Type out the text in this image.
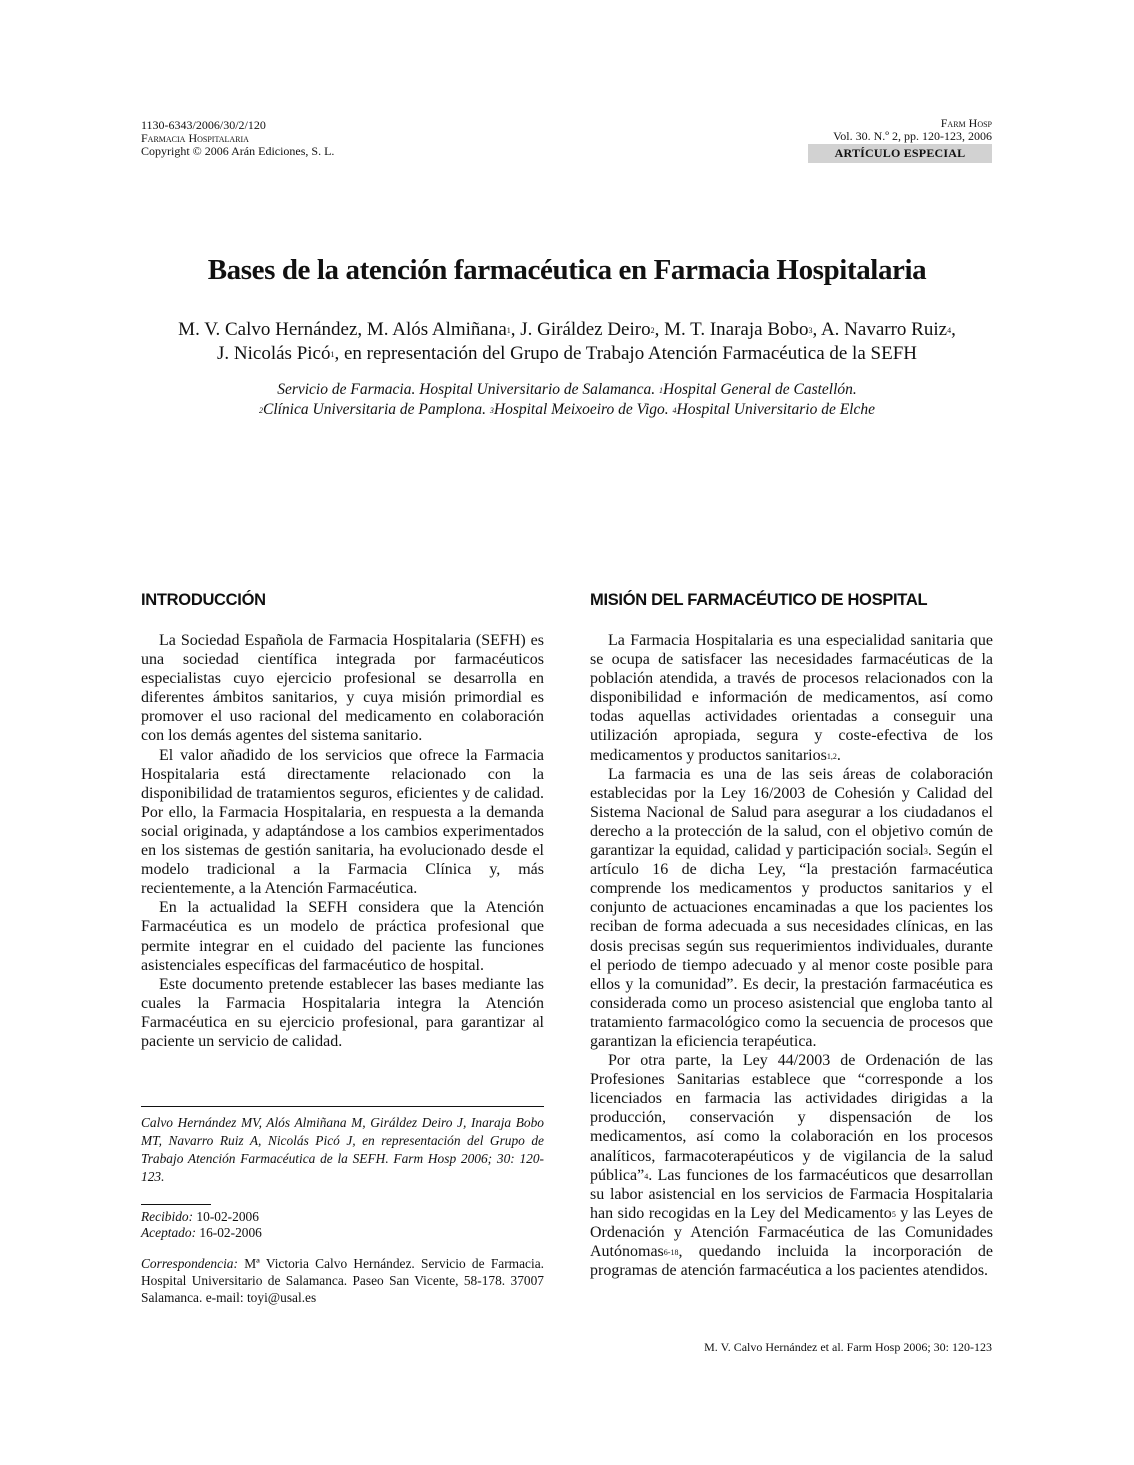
1130-6343/2006/30/2/120
Farmacia Hospitalaria
Copyright © 2006 Arán Ediciones, S. L.
Farm Hosp
Vol. 30. N.º 2, pp. 120-123, 2006
ARTÍCULO ESPECIAL
Bases de la atención farmacéutica en Farmacia Hospitalaria
M. V. Calvo Hernández, M. Alós Almiñana$^1$, J. Giráldez Deiro$^2$, M. T. Inaraja Bobo$^3$, A. Navarro Ruiz$^4$,
J. Nicolás Picó$^1$, en representación del Grupo de Trabajo Atención Farmacéutica de la SEFH
Servicio de Farmacia. Hospital Universitario de Salamanca. $^1$Hospital General de Castellón.
$^2$Clínica Universitaria de Pamplona. $^3$Hospital Meixoeiro de Vigo. $^4$Hospital Universitario de Elche
INTRODUCCIÓN

La Sociedad Española de Farmacia Hospitalaria (SEFH) es una sociedad científica integrada por farmacéuticos especialistas cuyo ejercicio profesional se desarrolla en diferentes ámbitos sanitarios, y cuya misión primordial es promover el uso racional del medicamento en colaboración con los demás agentes del sistema sanitario.

El valor añadido de los servicios que ofrece la Farmacia Hospitalaria está directamente relacionado con la disponibilidad de tratamientos seguros, eficientes y de calidad. Por ello, la Farmacia Hospitalaria, en respuesta a la demanda social originada, y adaptándose a los cambios experimentados en los sistemas de gestión sanitaria, ha evolucionado desde el modelo tradicional a la Farmacia Clínica y, más recientemente, a la Atención Farmacéutica.

En la actualidad la SEFH considera que la Atención Farmacéutica es un modelo de práctica profesional que permite integrar en el cuidado del paciente las funciones asistenciales específicas del farmacéutico de hospital.

Este documento pretende establecer las bases mediante las cuales la Farmacia Hospitalaria integra la Atención Farmacéutica en su ejercicio profesional, para garantizar al paciente un servicio de calidad.

Calvo Hernández MV, Alós Almiñana M, Giráldez Deiro J, Inaraja Bobo MT, Navarro Ruiz A, Nicolás Picó J, en representación del Grupo de Trabajo Atención Farmacéutica de la SEFH. Farm Hosp 2006; 30: 120-123.
Recibido: 10-02-2006
Aceptado: 16-02-2006
Correspondencia: Mª Victoria Calvo Hernández. Servicio de Farmacia. Hospital Universitario de Salamanca. Paseo San Vicente, 58-178. 37007 Salamanca. e-mail: toyi@usal.es
MISIÓN DEL FARMACÉUTICO DE HOSPITAL

La Farmacia Hospitalaria es una especialidad sanitaria que se ocupa de satisfacer las necesidades farmacéuticas de la población atendida, a través de procesos relacionados con la disponibilidad e información de medicamentos, así como todas aquellas actividades orientadas a conseguir una utilización apropiada, segura y coste-efectiva de los medicamentos y productos sanitarios$^{1,2}$.

La farmacia es una de las seis áreas de colaboración establecidas por la Ley 16/2003 de Cohesión y Calidad del Sistema Nacional de Salud para asegurar a los ciudadanos el derecho a la protección de la salud, con el objetivo común de garantizar la equidad, calidad y participación social$^3$. Según el artículo 16 de dicha Ley, “la prestación farmacéutica comprende los medicamentos y productos sanitarios y el conjunto de actuaciones encaminadas a que los pacientes los reciban de forma adecuada a sus necesidades clínicas, en las dosis precisas según sus requerimientos individuales, durante el periodo de tiempo adecuado y al menor coste posible para ellos y la comunidad”. Es decir, la prestación farmacéutica es considerada como un proceso asistencial que engloba tanto al tratamiento farmacológico como la secuencia de procesos que garantizan la eficiencia terapéutica.

Por otra parte, la Ley 44/2003 de Ordenación de las Profesiones Sanitarias establece que “corresponde a los licenciados en farmacia las actividades dirigidas a la producción, conservación y dispensación de los medicamentos, así como la colaboración en los procesos analíticos, farmacoterapéuticos y de vigilancia de la salud pública”$^4$. Las funciones de los farmacéuticos que desarrollan su labor asistencial en los servicios de Farmacia Hospitalaria han sido recogidas en la Ley del Medicamento$^5$ y las Leyes de Ordenación y Atención Farmacéutica de las Comunidades Autónomas$^{6-18}$, quedando incluida la incorporación de programas de atención farmacéutica a los pacientes atendidos.

M. V. Calvo Hernández et al. Farm Hosp 2006; 30: 120-123
